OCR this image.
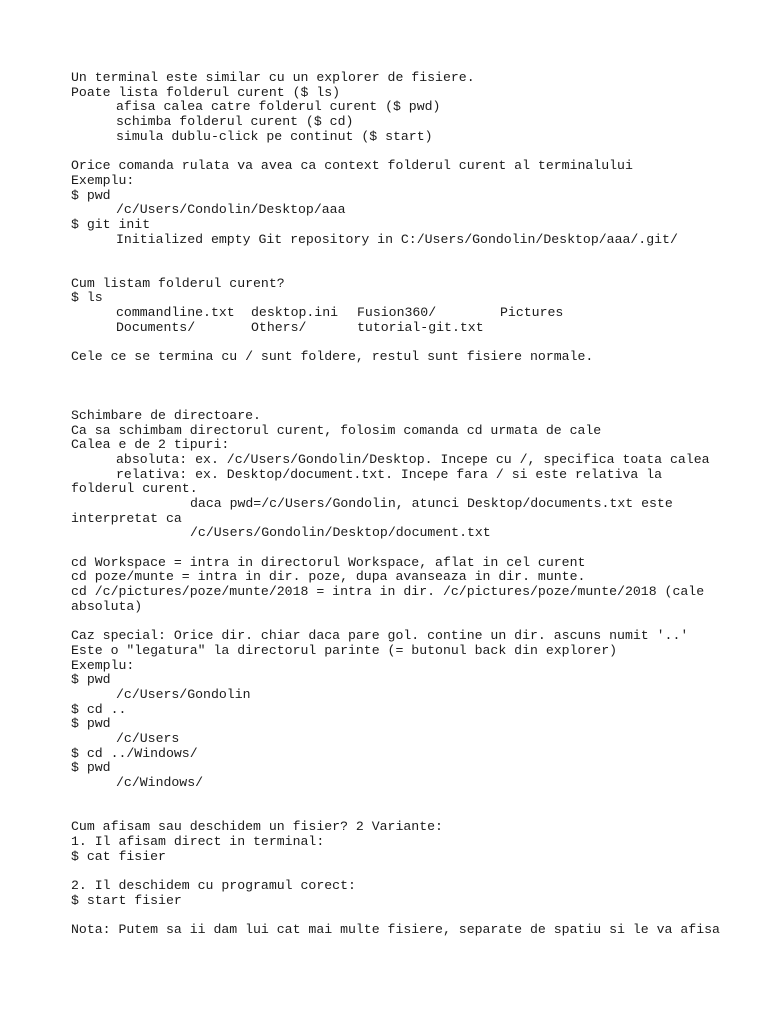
Un terminal este similar cu un explorer de fisiere.
Poate lista folderul curent ($ ls)
afisa calea catre folderul curent ($ pwd)
schimba folderul curent ($ cd)
simula dublu-click pe continut ($ start)
Orice comanda rulata va avea ca context folderul curent al terminalului
Exemplu:
$ pwd
/c/Users/Condolin/Desktop/aaa
$ git init
Initialized empty Git repository in C:/Users/Gondolin/Desktop/aaa/.git/
Cum listam folderul curent?
$ ls
commandline.txt	desktop.ini	Fusion360/	Pictures
Documents/	Others/	tutorial-git.txt
Cele ce se termina cu / sunt foldere, restul sunt fisiere normale.
Schimbare de directoare.
Ca sa schimbam directorul curent, folosim comanda cd urmata de cale
Calea e de 2 tipuri:
absoluta: ex. /c/Users/Gondolin/Desktop. Incepe cu /, specifica toata calea
relativa: ex. Desktop/document.txt. Incepe fara / si este relativa la
folderul curent.
daca pwd=/c/Users/Gondolin, atunci Desktop/documents.txt este
interpretat ca
/c/Users/Gondolin/Desktop/document.txt
cd Workspace = intra in directorul Workspace, aflat in cel curent
cd poze/munte = intra in dir. poze, dupa avanseaza in dir. munte.
cd /c/pictures/poze/munte/2018 = intra in dir. /c/pictures/poze/munte/2018 (cale
absoluta)
Caz special: Orice dir. chiar daca pare gol. contine un dir. ascuns numit '..'
Este o "legatura" la directorul parinte (= butonul back din explorer)
Exemplu:
$ pwd
/c/Users/Gondolin
$ cd ..
$ pwd
/c/Users
$ cd ../Windows/
$ pwd
/c/Windows/
Cum afisam sau deschidem un fisier? 2 Variante:
1. Il afisam direct in terminal:
$ cat fisier
2. Il deschidem cu programul corect:
$ start fisier
Nota: Putem sa ii dam lui cat mai multe fisiere, separate de spatiu si le va afisa
